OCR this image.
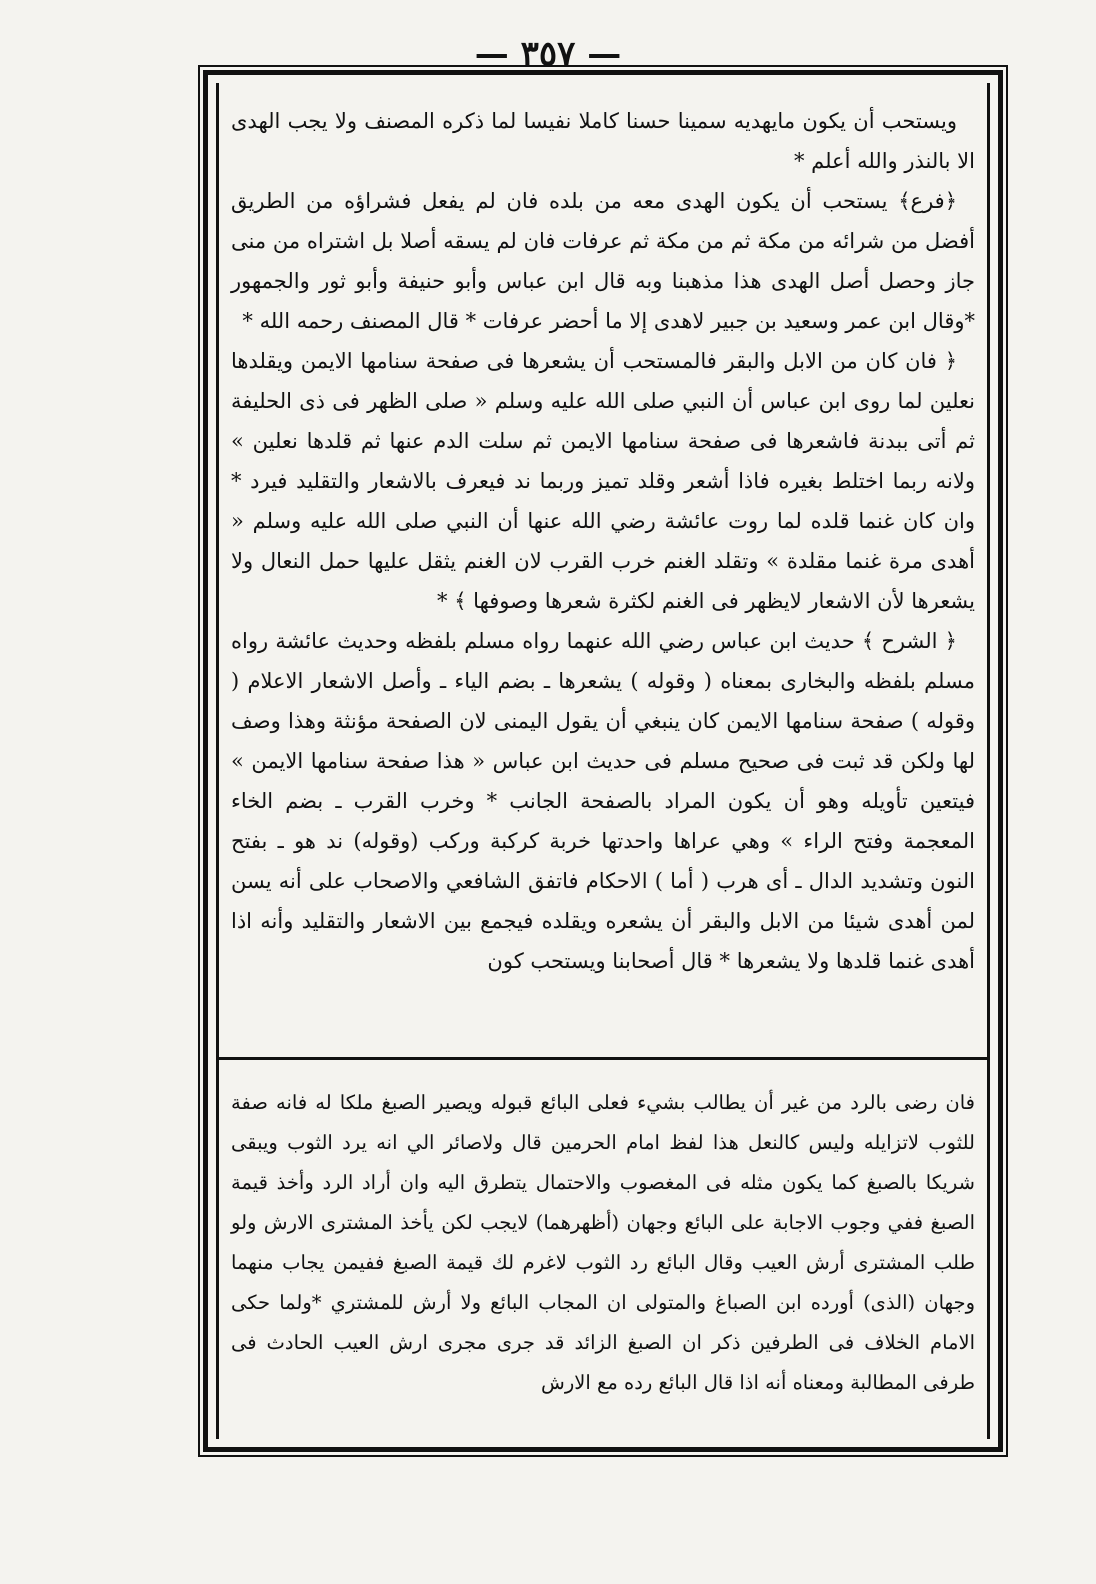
— ٣٥٧ —

ويستحب أن يكون مايهديه سمينا حسنا كاملا نفيسا لما ذكره المصنف ولا يجب الهدى الا بالنذر والله أعلم *

﴿فرع﴾ يستحب أن يكون الهدى معه من بلده فان لم يفعل فشراؤه من الطريق أفضل من شرائه من مكة ثم من مكة ثم عرفات فان لم يسقه أصلا بل اشتراه من منى جاز وحصل أصل الهدى هذا مذهبنا وبه قال ابن عباس وأبو حنيفة وأبو ثور والجمهور *وقال ابن عمر وسعيد بن جبير لاهدى إلا ما أحضر عرفات * قال المصنف رحمه الله *

﴿ فان كان من الابل والبقر فالمستحب أن يشعرها فى صفحة سنامها الايمن ويقلدها نعلين لما روى ابن عباس أن النبي صلى الله عليه وسلم « صلى الظهر فى ذى الحليفة ثم أتى ببدنة فاشعرها فى صفحة سنامها الايمن ثم سلت الدم عنها ثم قلدها نعلين » ولانه ربما اختلط بغيره فاذا أشعر وقلد تميز وربما ند فيعرف بالاشعار والتقليد فيرد * وان كان غنما قلده لما روت عائشة رضي الله عنها أن النبي صلى الله عليه وسلم « أهدى مرة غنما مقلدة » وتقلد الغنم خرب القرب لان الغنم يثقل عليها حمل النعال ولا يشعرها لأن الاشعار لايظهر فى الغنم لكثرة شعرها وصوفها ﴾ *

﴿ الشرح ﴾ حديث ابن عباس رضي الله عنهما رواه مسلم بلفظه وحديث عائشة رواه مسلم بلفظه والبخارى بمعناه ( وقوله ) يشعرها ـ بضم الياء ـ وأصل الاشعار الاعلام ( وقوله ) صفحة سنامها الايمن كان ينبغي أن يقول اليمنى لان الصفحة مؤنثة وهذا وصف لها ولكن قد ثبت فى صحيح مسلم فى حديث ابن عباس « هذا صفحة سنامها الايمن » فيتعين تأويله وهو أن يكون المراد بالصفحة الجانب * وخرب القرب ـ بضم الخاء المعجمة وفتح الراء » وهي عراها واحدتها خربة كركبة وركب (وقوله) ند هو ـ بفتح النون وتشديد الدال ـ أى هرب ( أما ) الاحكام فاتفق الشافعي والاصحاب على أنه يسن لمن أهدى شيئا من الابل والبقر أن يشعره ويقلده فيجمع بين الاشعار والتقليد وأنه اذا أهدى غنما قلدها ولا يشعرها * قال أصحابنا ويستحب كون

فان رضى بالرد من غير أن يطالب بشيء فعلى البائع قبوله ويصير الصبغ ملكا له فانه صفة للثوب لاتزايله وليس كالنعل هذا لفظ امام الحرمين قال ولاصائر الي انه يرد الثوب ويبقى شريكا بالصبغ كما يكون مثله فى المغصوب والاحتمال يتطرق اليه وان أراد الرد وأخذ قيمة الصبغ ففي وجوب الاجابة على البائع وجهان (أظهرهما) لايجب لكن يأخذ المشترى الارش ولو طلب المشترى أرش العيب وقال البائع رد الثوب لاغرم لك قيمة الصبغ ففيمن يجاب منهما وجهان (الذى) أورده ابن الصباغ والمتولى ان المجاب البائع ولا أرش للمشتري *ولما حكى الامام الخلاف فى الطرفين ذكر ان الصبغ الزائد قد جرى مجرى ارش العيب الحادث فى طرفى المطالبة ومعناه أنه اذا قال البائع رده مع الارش
